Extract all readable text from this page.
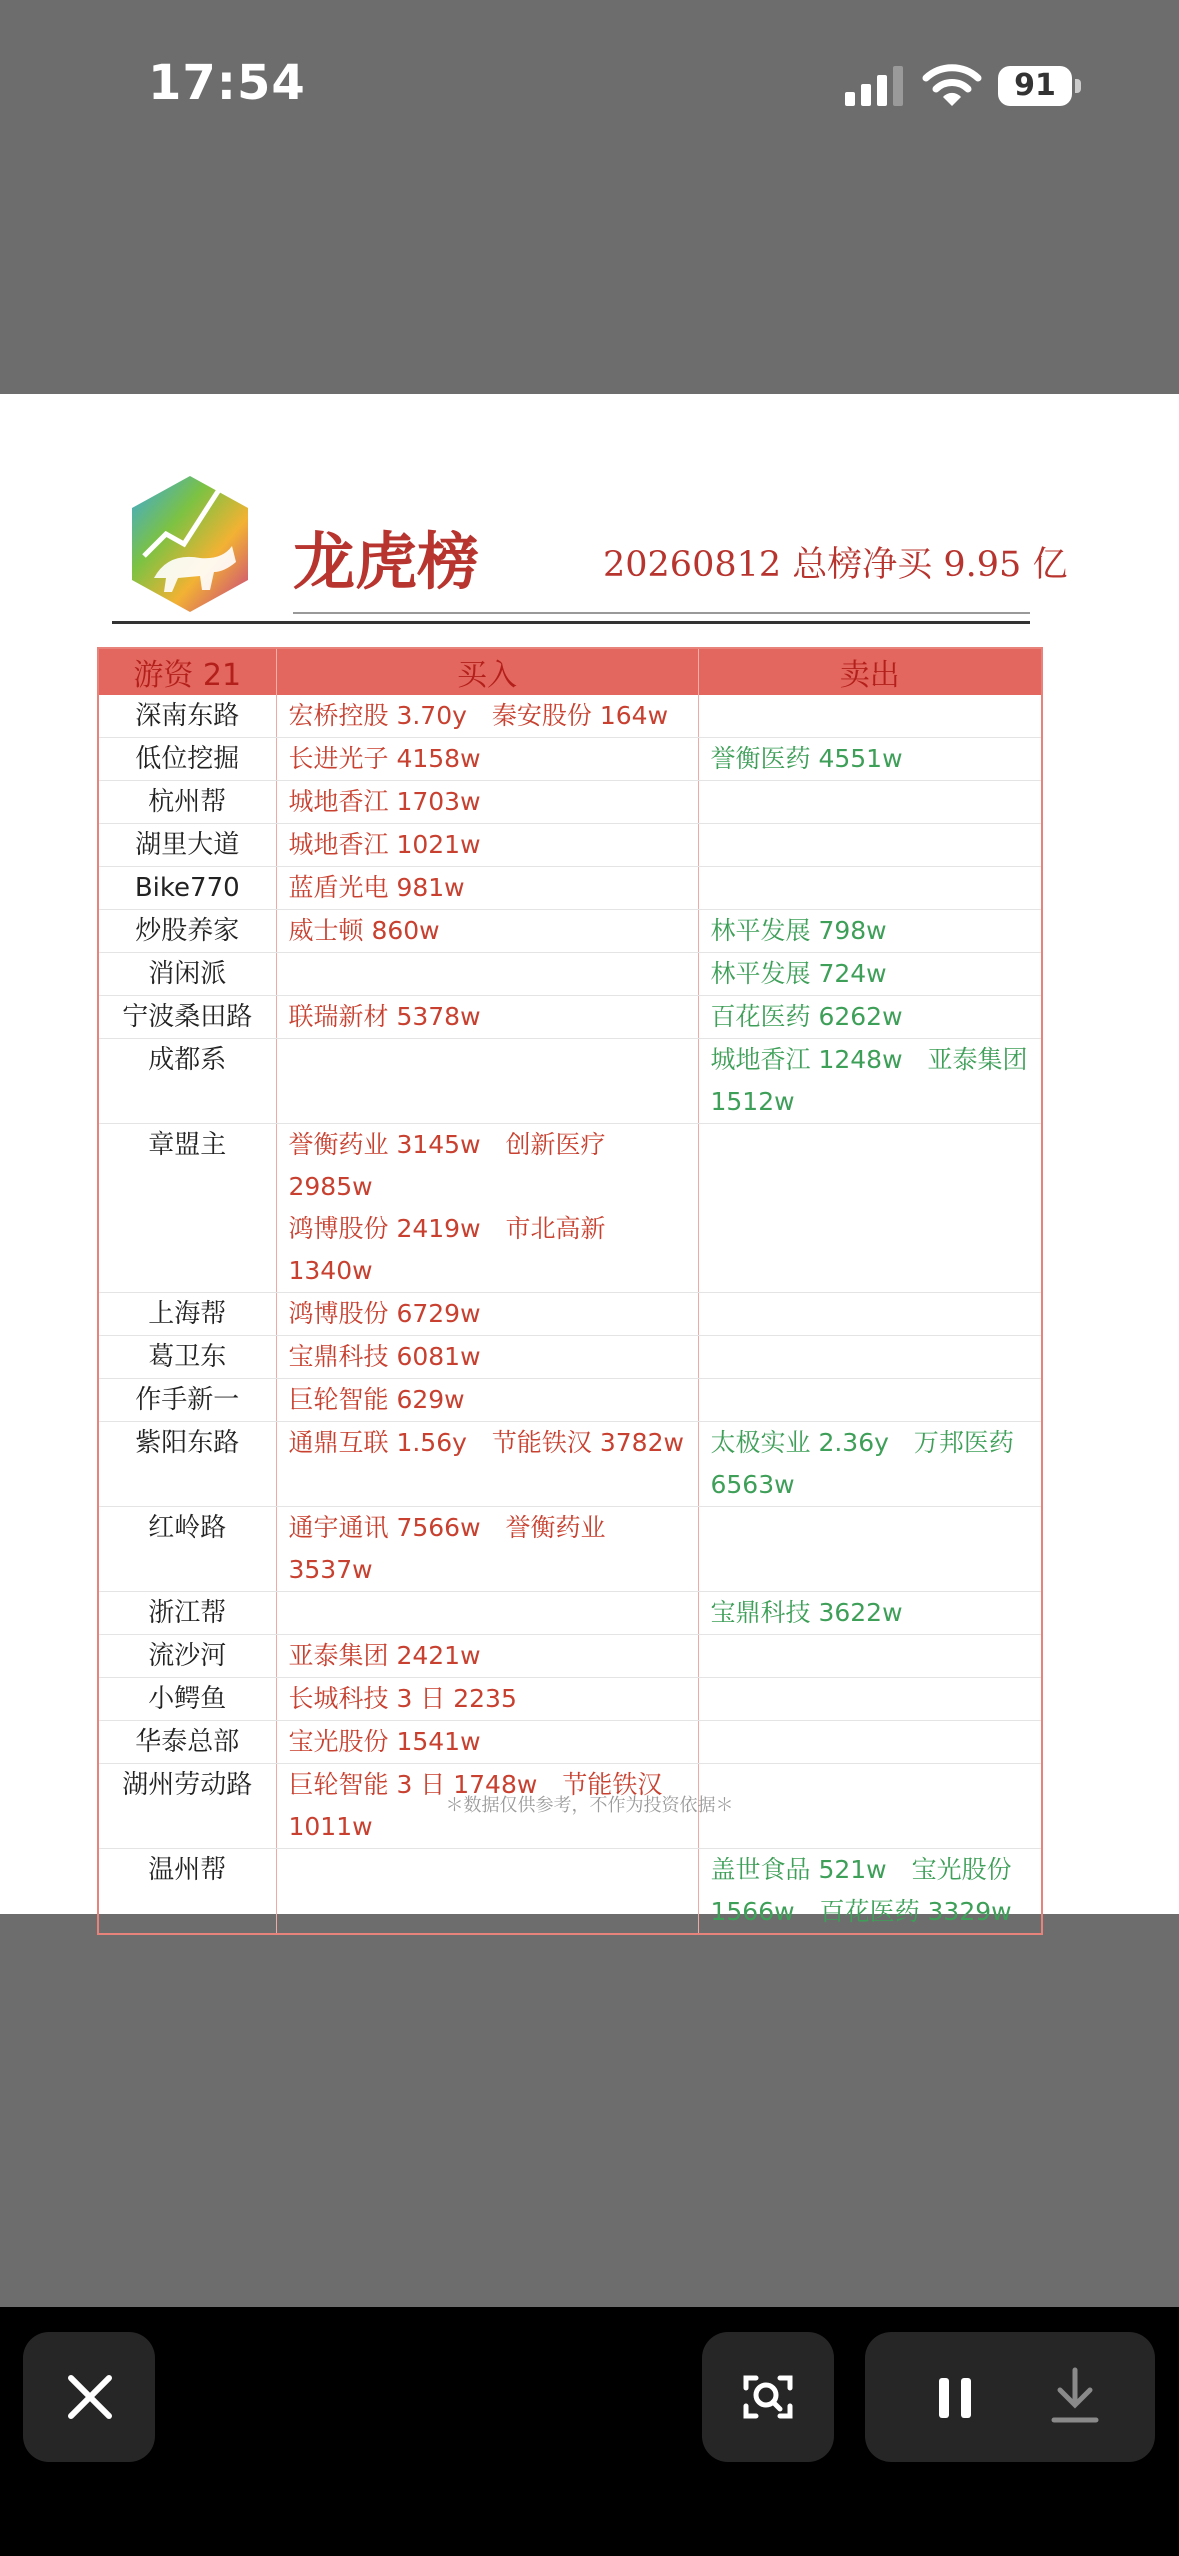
17:54	91
龙虎榜	20260812 总榜净买 9.95 亿
游资 21	买入	卖出
深南东路	宏桥控股 3.70y　秦安股份 164w	

低位挖掘	长进光子 4158w	誉衡医药 4551w

杭州帮	城地香江 1703w	

湖里大道	城地香江 1021w	

Bike770	蓝盾光电 981w	

炒股养家	威士顿 860w	林平发展 798w

消闲派		林平发展 724w

宁波桑田路	联瑞新材 5378w	百花医药 6262w

成都系		城地香江 1248w　亚泰集团
1512w

章盟主	誉衡药业 3145w　创新医疗 2985w
鸿博股份 2419w　市北高新 1340w	

上海帮	鸿博股份 6729w	

葛卫东	宝鼎科技 6081w	

作手新一	巨轮智能 629w	

紫阳东路	通鼎互联 1.56y　节能铁汉 3782w	太极实业 2.36y　万邦医药
6563w

红岭路	通宇通讯 7566w　誉衡药业 3537w	

浙江帮		宝鼎科技 3622w

流沙河	亚泰集团 2421w	

小鳄鱼	长城科技 3 日 2235	

华泰总部	宝光股份 1541w	

湖州劳动路	巨轮智能 3 日 1748w　节能铁汉
1011w	

温州帮		盖世食品 521w　宝光股份
1566w　百花医药 3329w
＊数据仅供参考，不作为投资依据＊
